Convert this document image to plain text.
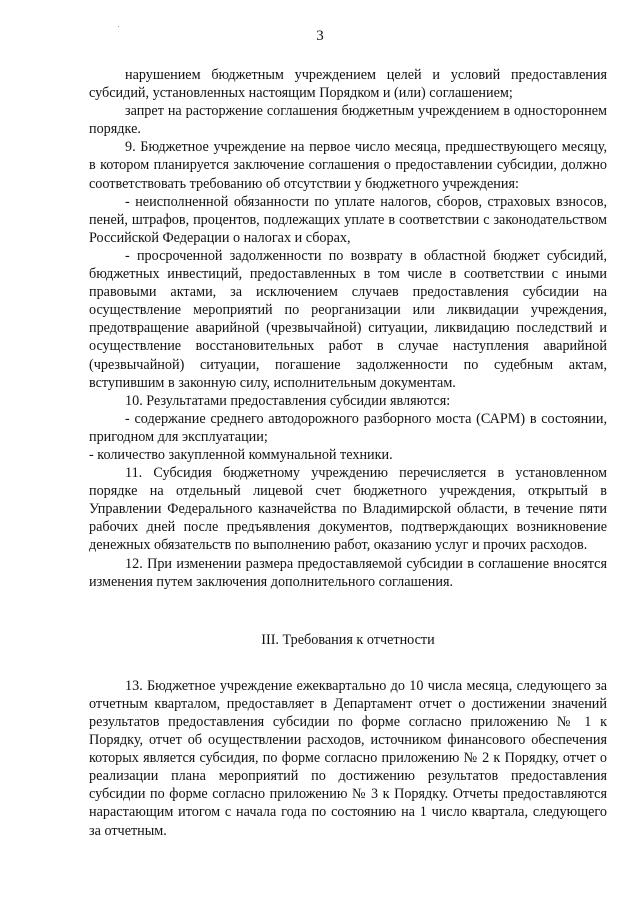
3

нарушением бюджетным учреждением целей и условий предоставления субсидий, установленных настоящим Порядком и (или) соглашением;

запрет на расторжение соглашения бюджетным учреждением в одностороннем порядке.

9. Бюджетное учреждение на первое число месяца, предшествующего месяцу, в котором планируется заключение соглашения о предоставлении субсидии, должно соответствовать требованию об отсутствии у бюджетного учреждения:

- неисполненной обязанности по уплате налогов, сборов, страховых взносов, пеней, штрафов, процентов, подлежащих уплате в соответствии с законодательством Российской Федерации о налогах и сборах,

- просроченной задолженности по возврату в областной бюджет субсидий, бюджетных инвестиций, предоставленных в том числе в соответствии с иными правовыми актами, за исключением случаев предоставления субсидии на осуществление мероприятий по реорганизации или ликвидации учреждения, предотвращение аварийной (чрезвычайной) ситуации, ликвидацию последствий и осуществление восстановительных работ в случае наступления аварийной (чрезвычайной) ситуации, погашение задолженности по судебным актам, вступившим в законную силу, исполнительным документам.

10. Результатами предоставления субсидии являются:

- содержание среднего автодорожного разборного моста (САРМ) в состоянии, пригодном для эксплуатации;

- количество закупленной коммунальной техники.

11. Субсидия бюджетному учреждению перечисляется в установленном порядке на отдельный лицевой счет бюджетного учреждения, открытый в Управлении Федерального казначейства по Владимирской области, в течение пяти рабочих дней после предъявления документов, подтверждающих возникновение денежных обязательств по выполнению работ, оказанию услуг и прочих расходов.

12. При изменении размера предоставляемой субсидии в соглашение вносятся изменения путем заключения дополнительного соглашения.

III. Требования к отчетности

13. Бюджетное учреждение ежеквартально до 10 числа месяца, следующего за отчетным кварталом, предоставляет в Департамент отчет о достижении значений результатов предоставления субсидии по форме согласно приложению № 1 к Порядку, отчет об осуществлении расходов, источником финансового обеспечения которых является субсидия, по форме согласно приложению № 2 к Порядку, отчет о реализации плана мероприятий по достижению результатов предоставления субсидии по форме согласно приложению № 3 к Порядку. Отчеты предоставляются нарастающим итогом с начала года по состоянию на 1 число квартала, следующего за отчетным.
